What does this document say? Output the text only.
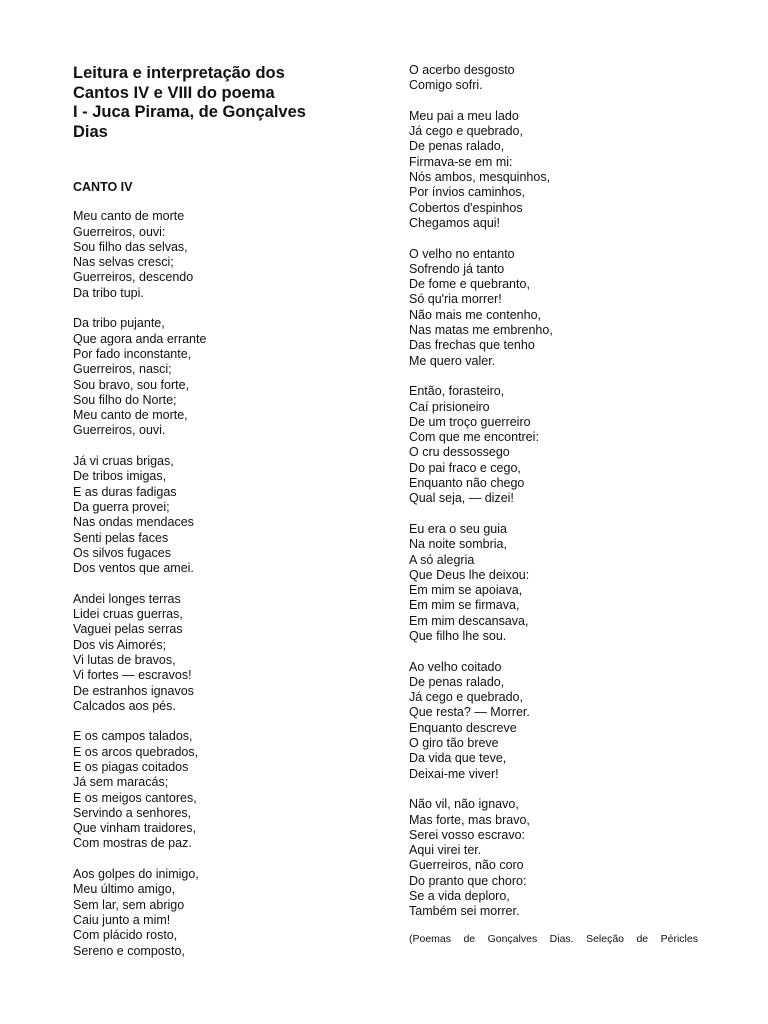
Leitura e interpretação dos
Cantos IV e VIII do poema
I - Juca Pirama, de Gonçalves
Dias
CANTO IV
Meu canto de morte
Guerreiros, ouvi:
Sou filho das selvas,
Nas selvas cresci;
Guerreiros, descendo
Da tribo tupi.
Da tribo pujante,
Que agora anda errante
Por fado inconstante,
Guerreiros, nasci;
Sou bravo, sou forte,
Sou filho do Norte;
Meu canto de morte,
Guerreiros, ouvi.
Já vi cruas brigas,
De tribos imigas,
E as duras fadigas
Da guerra provei;
Nas ondas mendaces
Senti pelas faces
Os silvos fugaces
Dos ventos que amei.
Andei longes terras
Lidei cruas guerras,
Vaguei pelas serras
Dos vis Aimorés;
Vi lutas de bravos,
Vi fortes — escravos!
De estranhos ignavos
Calcados aos pés.
E os campos talados,
E os arcos quebrados,
E os piagas coitados
Já sem maracás;
E os meigos cantores,
Servindo a senhores,
Que vinham traidores,
Com mostras de paz.
Aos golpes do inimigo,
Meu último amigo,
Sem lar, sem abrigo
Caiu junto a mim!
Com plácido rosto,
Sereno e composto,
O acerbo desgosto
Comigo sofri.
Meu pai a meu lado
Já cego e quebrado,
De penas ralado,
Firmava-se em mi:
Nós ambos, mesquinhos,
Por ínvios caminhos,
Cobertos d'espinhos
Chegamos aqui!
O velho no entanto
Sofrendo já tanto
De fome e quebranto,
Só qu'ria morrer!
Não mais me contenho,
Nas matas me embrenho,
Das frechas que tenho
Me quero valer.
Então, forasteiro,
Caí prisioneiro
De um troço guerreiro
Com que me encontrei:
O cru dessossego
Do pai fraco e cego,
Enquanto não chego
Qual seja, — dizei!
Eu era o seu guia
Na noite sombria,
A só alegria
Que Deus lhe deixou:
Em mim se apoiava,
Em mim se firmava,
Em mim descansava,
Que filho lhe sou.
Ao velho coitado
De penas ralado,
Já cego e quebrado,
Que resta? — Morrer.
Enquanto descreve
O giro tão breve
Da vida que teve,
Deixai-me viver!
Não vil, não ignavo,
Mas forte, mas bravo,
Serei vosso escravo:
Aqui virei ter.
Guerreiros, não coro
Do pranto que choro:
Se a vida deploro,
Também sei morrer.
(Poemas de Gonçalves Dias. Seleção de Péricles
